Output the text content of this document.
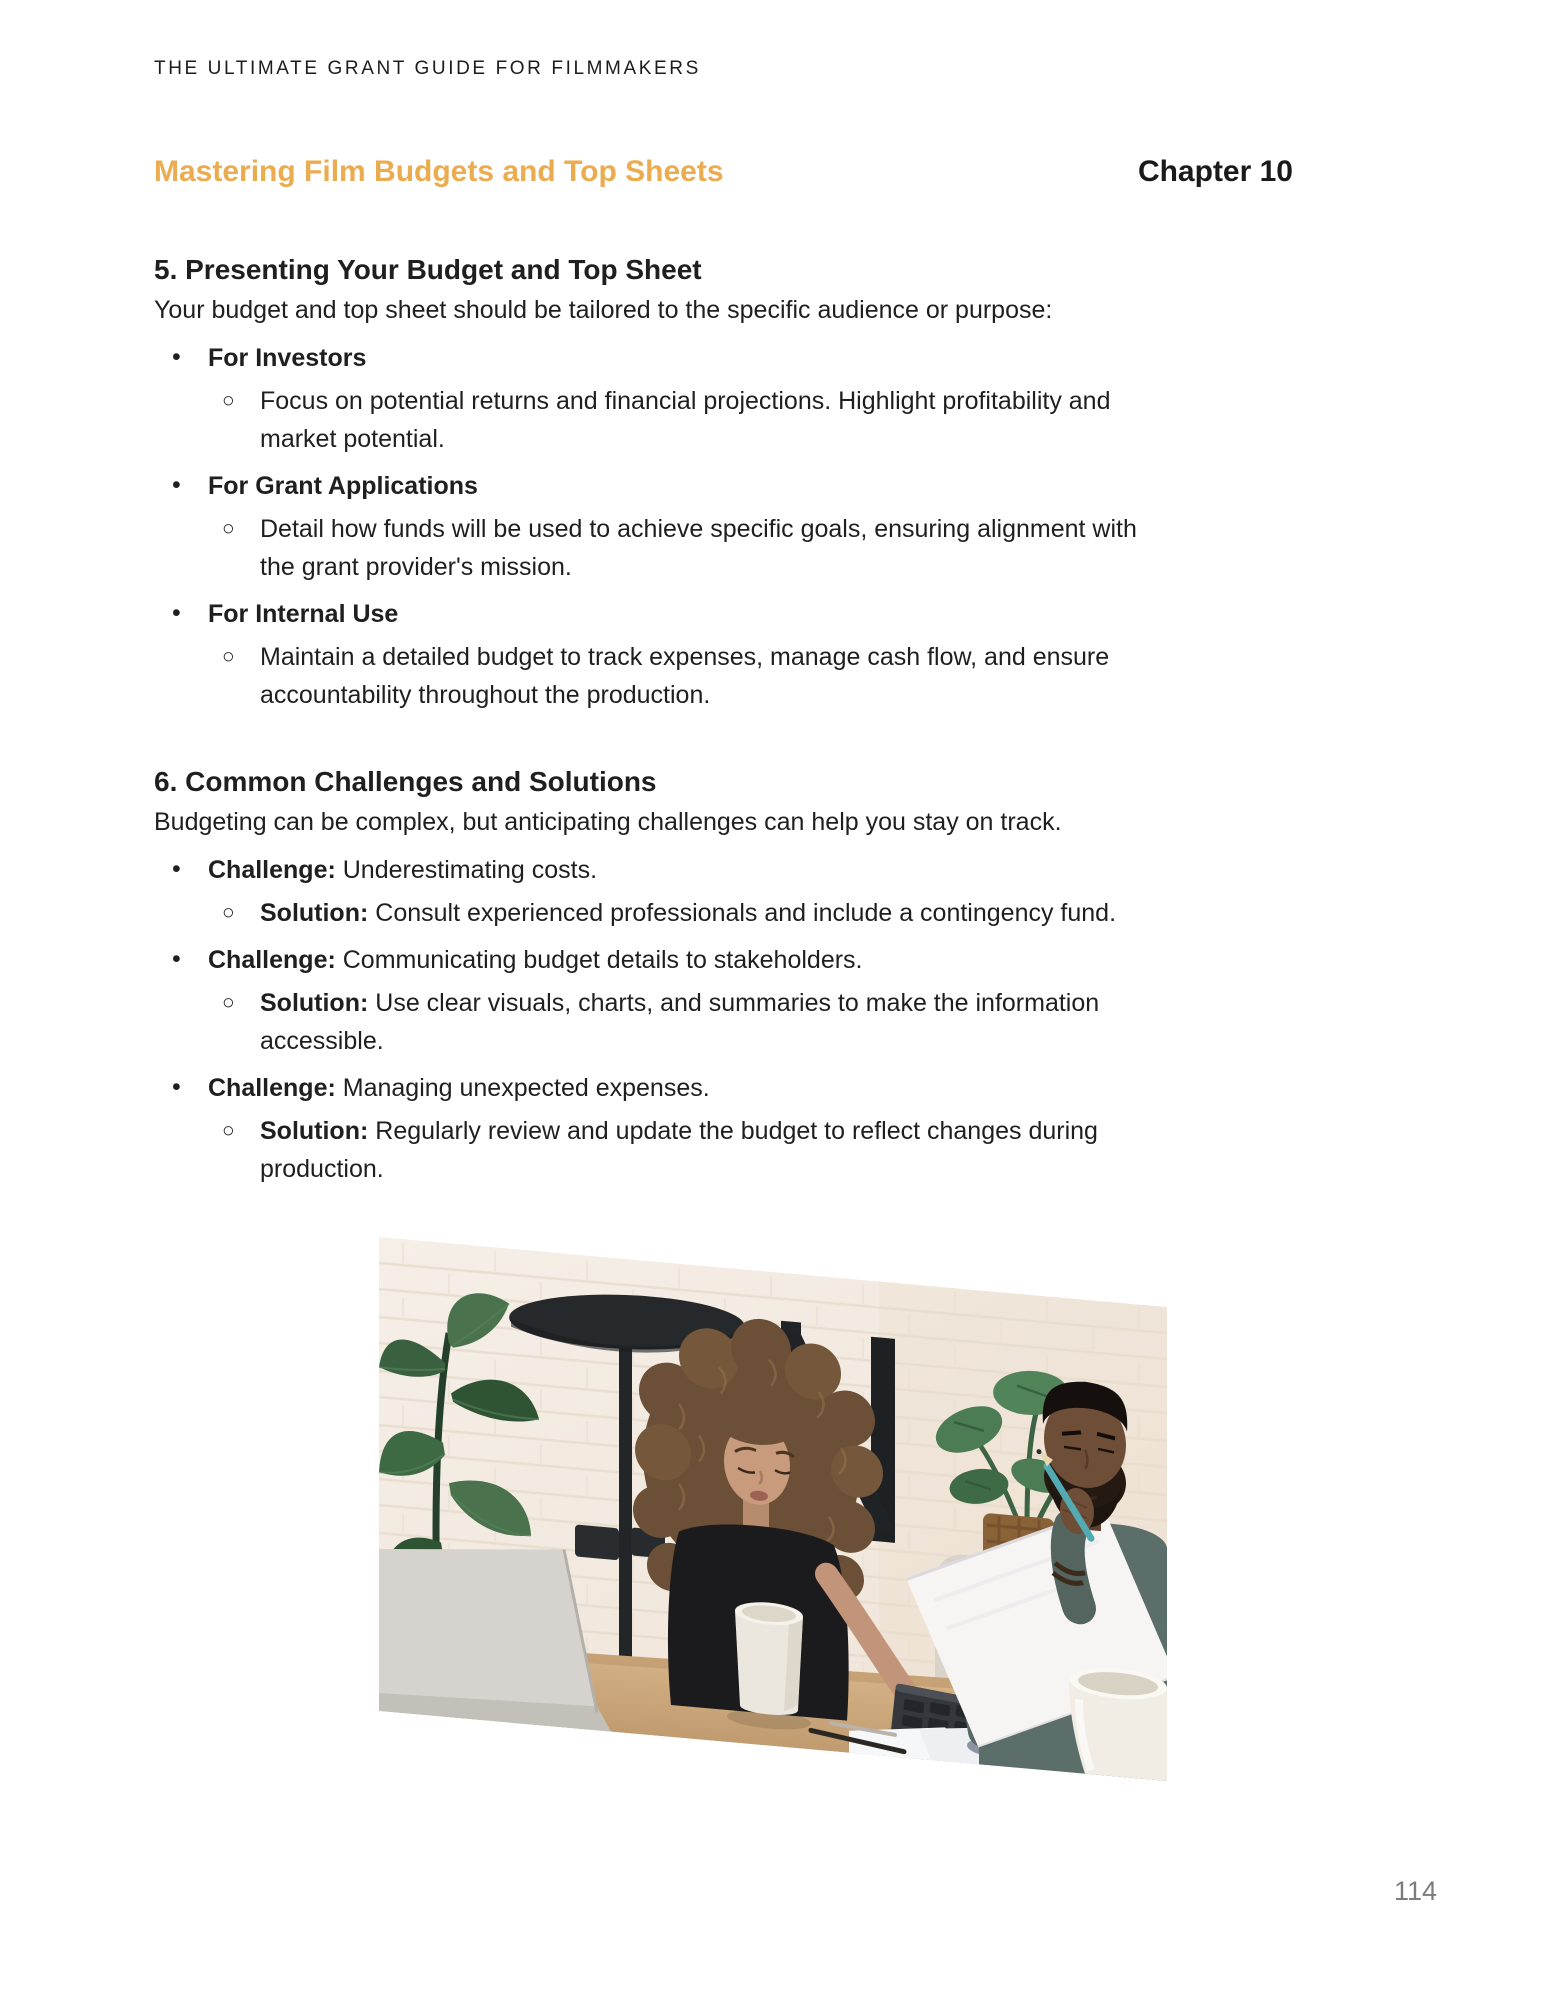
THE ULTIMATE GRANT GUIDE FOR FILMMAKERS
Mastering Film Budgets and Top Sheets	Chapter 10
5. Presenting Your Budget and Top Sheet

Your budget and top sheet should be tailored to the specific audience or purpose:

• For Investors
○ Focus on potential returns and financial projections. Highlight profitability and market potential.
• For Grant Applications
○ Detail how funds will be used to achieve specific goals, ensuring alignment with the grant provider's mission.
• For Internal Use
○ Maintain a detailed budget to track expenses, manage cash flow, and ensure accountability throughout the production.
6. Common Challenges and Solutions

Budgeting can be complex, but anticipating challenges can help you stay on track.

• Challenge: Underestimating costs.
○ Solution: Consult experienced professionals and include a contingency fund.
• Challenge: Communicating budget details to stakeholders.
○ Solution: Use clear visuals, charts, and summaries to make the information accessible.
• Challenge: Managing unexpected expenses.
○ Solution: Regularly review and update the budget to reflect changes during production.
114
